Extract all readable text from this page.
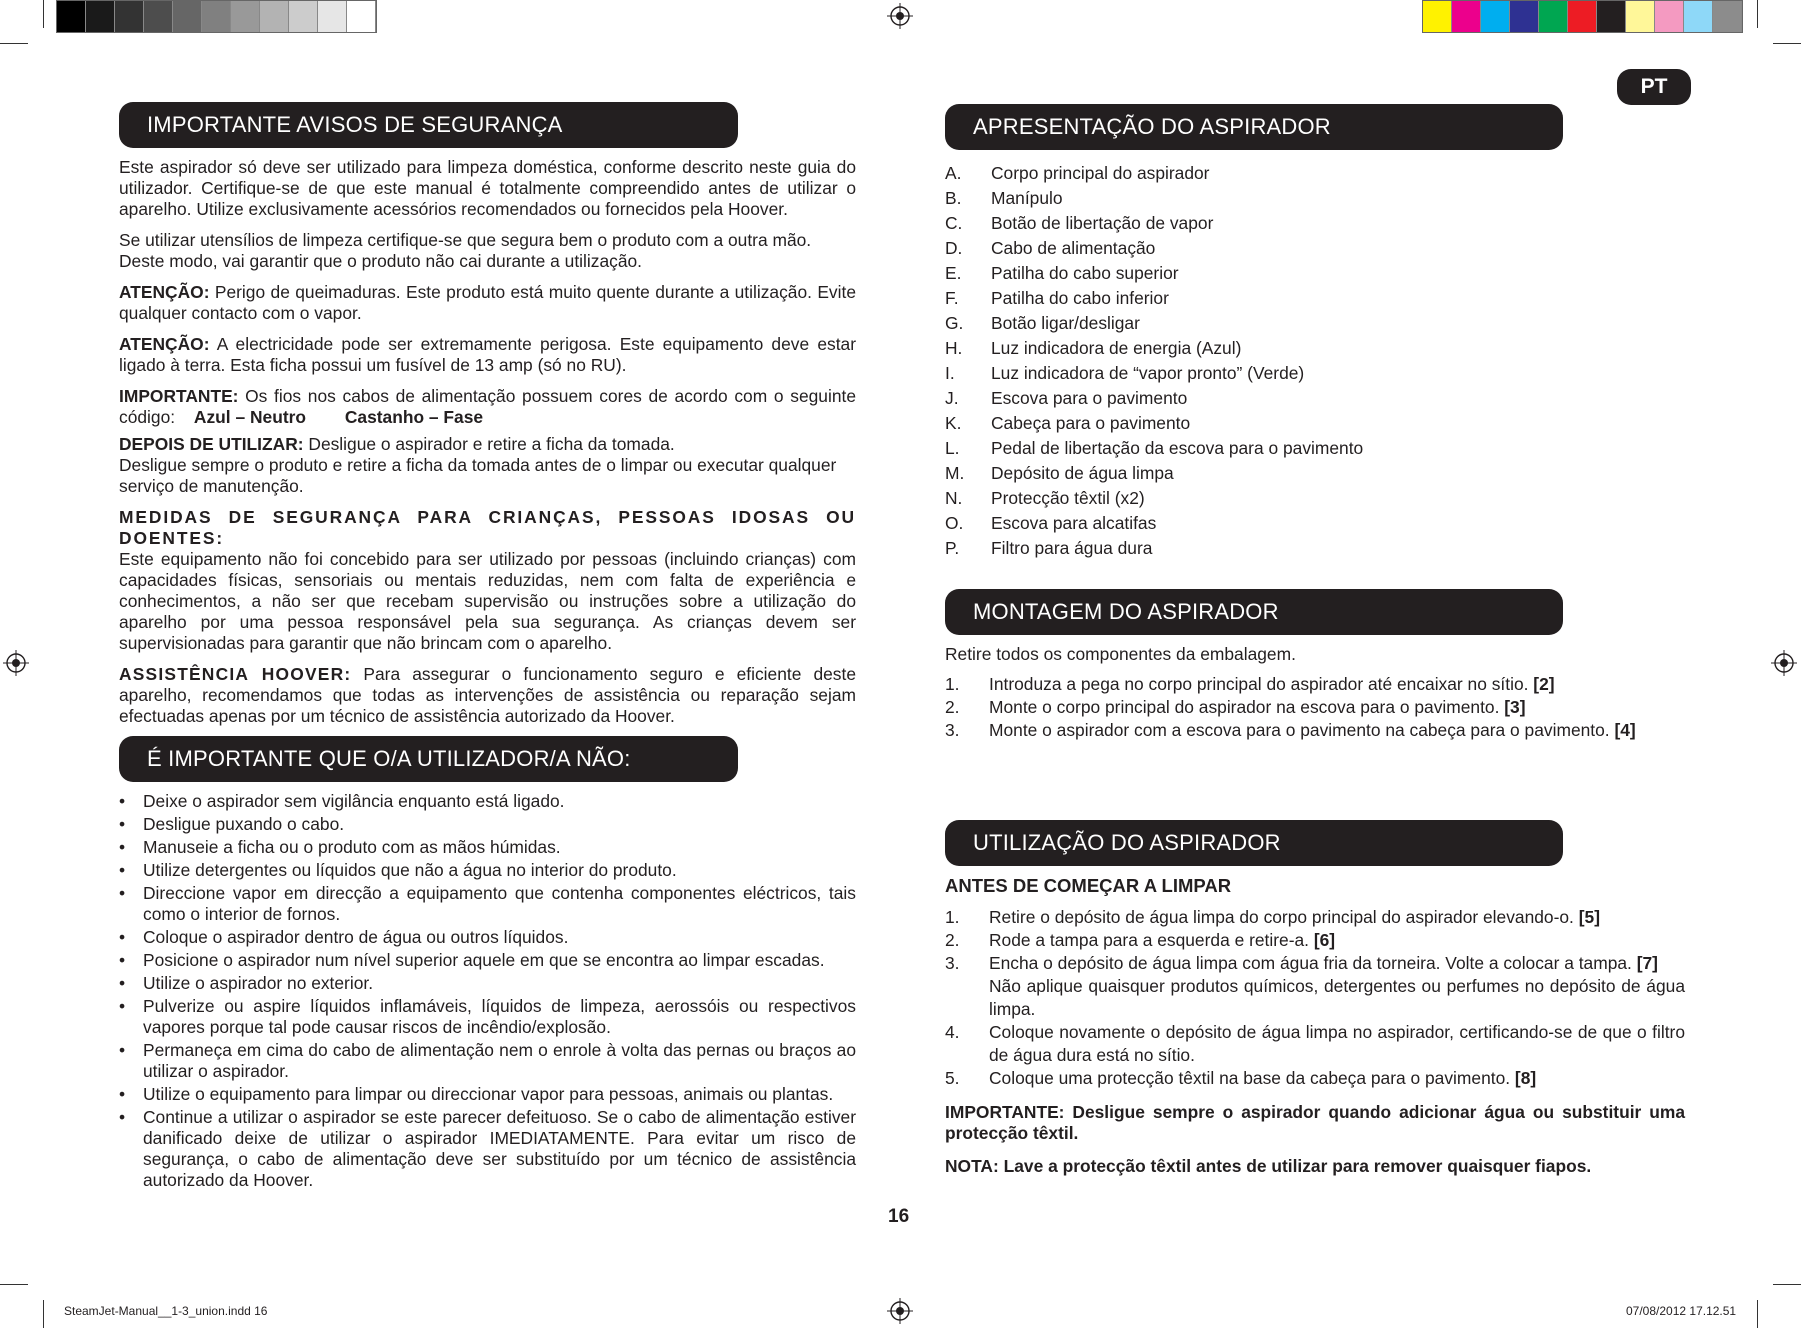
PT
IMPORTANTE AVISOS DE SEGURANÇA

Este aspirador só deve ser utilizado para limpeza doméstica, conforme descrito neste guia do utilizador. Certifique-se de que este manual é totalmente compreendido antes de utilizar o aparelho. Utilize exclusivamente acessórios recomendados ou fornecidos pela Hoover.

Se utilizar utensílios de limpeza certifique-se que segura bem o produto com a outra mão.
Deste modo, vai garantir que o produto não cai durante a utilização.

ATENÇÃO: Perigo de queimaduras. Este produto está muito quente durante a utilização. Evite qualquer contacto com o vapor.

ATENÇÃO: A electricidade pode ser extremamente perigosa. Este equipamento deve estar ligado à terra. Esta ficha possui um fusível de 13 amp (só no RU).

IMPORTANTE: Os fios nos cabos de alimentação possuem cores de acordo com o seguinte código: Azul – Neutro Castanho – Fase

DEPOIS DE UTILIZAR: Desligue o aspirador e retire a ficha da tomada.
Desligue sempre o produto e retire a ficha da tomada antes de o limpar ou executar qualquer serviço de manutenção.

MEDIDAS DE SEGURANÇA PARA CRIANÇAS, PESSOAS IDOSAS OU DOENTES:
Este equipamento não foi concebido para ser utilizado por pessoas (incluindo crianças) com capacidades físicas, sensoriais ou mentais reduzidas, nem com falta de experiência e conhecimentos, a não ser que recebam supervisão ou instruções sobre a utilização do aparelho por uma pessoa responsável pela sua segurança. As crianças devem ser supervisionadas para garantir que não brincam com o aparelho.

ASSISTÊNCIA HOOVER: Para assegurar o funcionamento seguro e eficiente deste aparelho, recomendamos que todas as intervenções de assistência ou reparação sejam efectuadas apenas por um técnico de assistência autorizado da Hoover.

É IMPORTANTE QUE O/A UTILIZADOR/A NÃO:
•	Deixe o aspirador sem vigilância enquanto está ligado.
•	Desligue puxando o cabo.
•	Manuseie a ficha ou o produto com as mãos húmidas.
•	Utilize detergentes ou líquidos que não a água no interior do produto.
•	Direccione vapor em direcção a equipamento que contenha componentes eléctricos, tais como o interior de fornos.
•	Coloque o aspirador dentro de água ou outros líquidos.
•	Posicione o aspirador num nível superior aquele em que se encontra ao limpar escadas.
•	Utilize o aspirador no exterior.
•	Pulverize ou aspire líquidos inflamáveis, líquidos de limpeza, aerossóis ou respectivos vapores porque tal pode causar riscos de incêndio/explosão.
•	Permaneça em cima do cabo de alimentação nem o enrole à volta das pernas ou braços ao utilizar o aspirador.
•	Utilize o equipamento para limpar ou direccionar vapor para pessoas, animais ou plantas.
•	Continue a utilizar o aspirador se este parecer defeituoso. Se o cabo de alimentação estiver danificado deixe de utilizar o aspirador IMEDIATAMENTE. Para evitar um risco de segurança, o cabo de alimentação deve ser substituído por um técnico de assistência autorizado da Hoover.
16
APRESENTAÇÃO DO ASPIRADOR
A.	Corpo principal do aspirador
B.	Manípulo
C.	Botão de libertação de vapor
D.	Cabo de alimentação
E.	Patilha do cabo superior
F.	Patilha do cabo inferior
G.	Botão ligar/desligar
H.	Luz indicadora de energia (Azul)
I.	Luz indicadora de “vapor pronto” (Verde)
J.	Escova para o pavimento
K.	Cabeça para o pavimento
L.	Pedal de libertação da escova para o pavimento
M.	Depósito de água limpa
N.	Protecção têxtil (x2)
O.	Escova para alcatifas
P.	Filtro para água dura
MONTAGEM DO ASPIRADOR

Retire todos os componentes da embalagem.

1.	Introduza a pega no corpo principal do aspirador até encaixar no sítio. [2]
2.	Monte o corpo principal do aspirador na escova para o pavimento. [3]
3.	Monte o aspirador com a escova para o pavimento na cabeça para o pavimento. [4]
UTILIZAÇÃO DO ASPIRADOR
ANTES DE COMEÇAR A LIMPAR
1.	Retire o depósito de água limpa do corpo principal do aspirador elevando-o. [5]
2.	Rode a tampa para a esquerda e retire-a. [6]
3.	Encha o depósito de água limpa com água fria da torneira. Volte a colocar a tampa. [7]
Não aplique quaisquer produtos químicos, detergentes ou perfumes no depósito de água limpa.
4.	Coloque novamente o depósito de água limpa no aspirador, certificando-se de que o filtro de água dura está no sítio.
5.	Coloque uma protecção têxtil na base da cabeça para o pavimento. [8]

IMPORTANTE: Desligue sempre o aspirador quando adicionar água ou substituir uma protecção têxtil.

NOTA: Lave a protecção têxtil antes de utilizar para remover quaisquer fiapos.

SteamJet-Manual__1-3_union.indd 16	07/08/2012 17.12.51
